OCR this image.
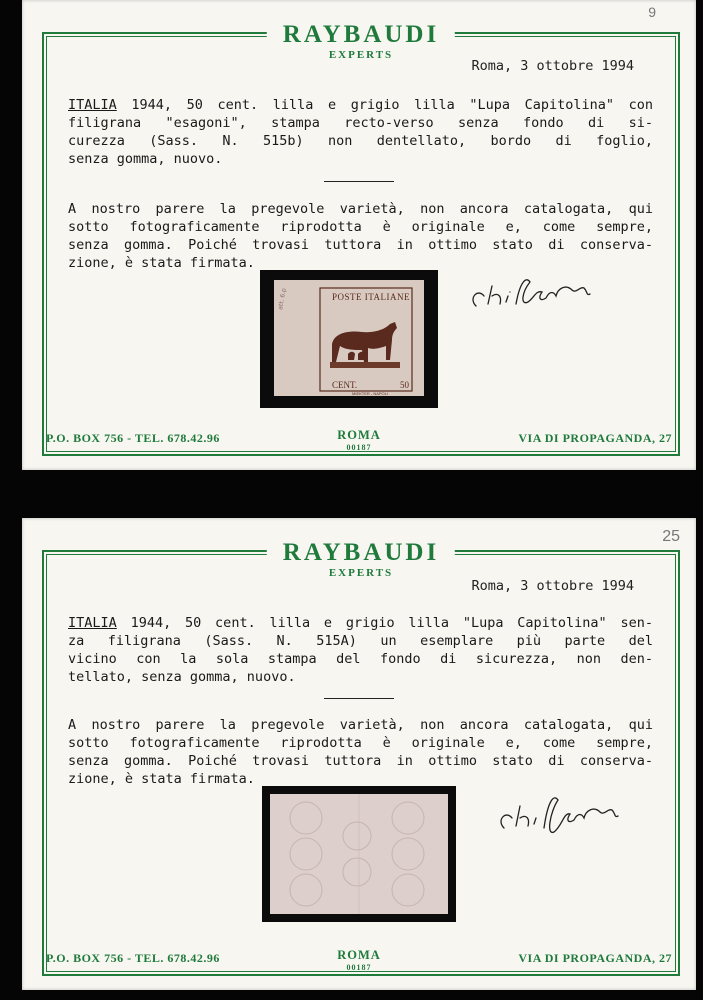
9
RAYBAUDI
EXPERTS
Roma, 3 ottobre 1994
ITALIA 1944, 50 cent. lilla e grigio lilla "Lupa Capitolina" con
filigrana "esagoni", stampa recto-verso senza fondo di si-
curezza (Sass. N. 515b) non dentellato, bordo di foglio,
senza gomma, nuovo.
A nostro parere la pregevole varietà, non ancora catalogata, qui
sotto fotograficamente riprodotta è originale e, come sempre,
senza gomma. Poiché trovasi tuttora in ottimo stato di conserva-
zione, è stata firmata.
att. 6.p	POSTE ITALIANE
CENT.	50
MIEKTER - NAPOLI
P.O. BOX 756 - TEL. 678.42.96	ROMA
00187
VIA DI PROPAGANDA, 27
25
RAYBAUDI
EXPERTS
Roma, 3 ottobre 1994
ITALIA 1944, 50 cent. lilla e grigio lilla "Lupa Capitolina" sen-
za filigrana (Sass. N. 515A) un esemplare più parte del
vicino con la sola stampa del fondo di sicurezza, non den-
tellato, senza gomma, nuovo.
A nostro parere la pregevole varietà, non ancora catalogata, qui
sotto fotograficamente riprodotta è originale e, come sempre,
senza gomma. Poiché trovasi tuttora in ottimo stato di conserva-
zione, è stata firmata.
P.O. BOX 756 - TEL. 678.42.96	ROMA
00187
VIA DI PROPAGANDA, 27
